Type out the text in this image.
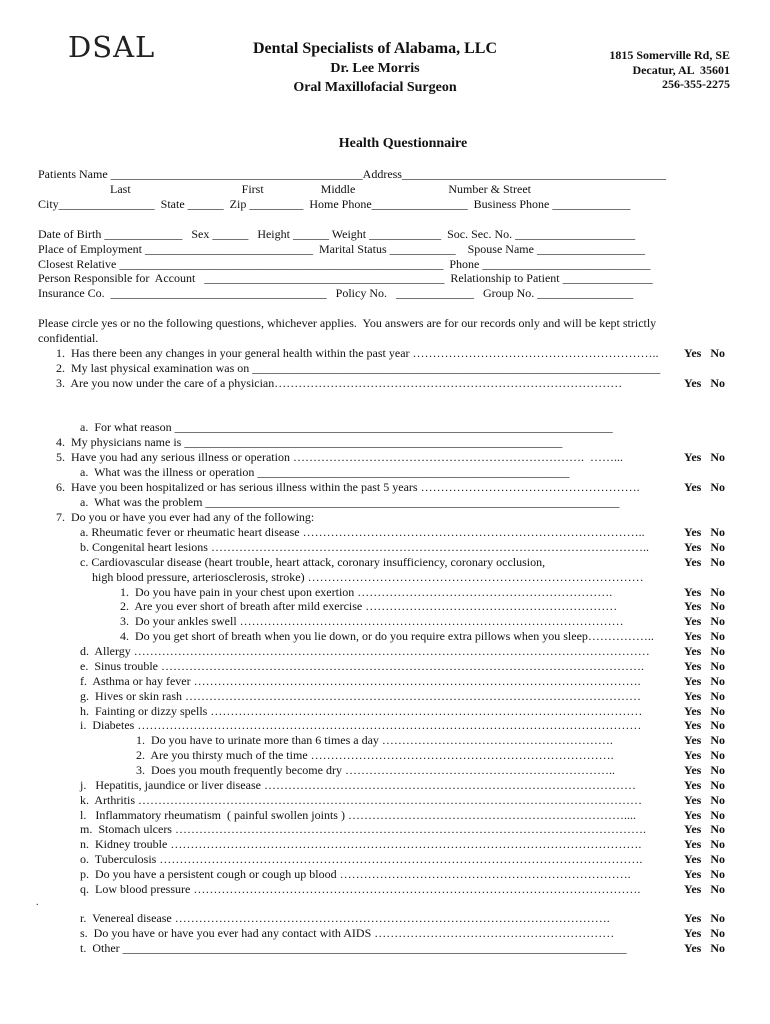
DSAL	Dental Specialists of Alabama, LLC
Dr. Lee Morris
Oral Maxillofacial Surgeon
1815 Somerville Rd, SE
Decatur, AL  35601
256-355-2275
Health Questionnaire
Patients Name __________________________________________Address____________________________________________
Last                                     First                   Middle                               Number & Street
City________________  State ______  Zip _________  Home Phone________________  Business Phone _____________
Date of Birth _____________   Sex ______   Height ______ Weight ____________  Soc. Sec. No. ____________________
Place of Employment ____________________________  Marital Status ___________    Spouse Name __________________
Closest Relative ______________________________________________________  Phone ____________________________
Person Responsible for  Account   ________________________________________  Relationship to Patient _______________
Insurance Co.  ____________________________________   Policy No.   _____________   Group No. ________________
Please circle yes or no the following questions, whichever applies.  You answers are for our records only and will be kept strictly
confidential.
1.  Has there been any changes in your general health within the past year …………………………………………………….. Yes No
2.  My last physical examination was on ____________________________________________________________________
3.  Are you now under the care of a physician……………………………………………………………………………	Yes No
a.  For what reason _________________________________________________________________________
4.  My physicians name is _______________________________________________________________
5.  Have you had any serious illness or operation ……………………………………………………………….  ……...	Yes No
a.  What was the illness or operation ____________________________________________________
6.  Have you been hospitalized or has serious illness within the past 5 years ……………………………………………….	Yes No
a.  What was the problem _____________________________________________________________________
7.  Do you or have you ever had any of the following:
a. Rheumatic fever or rheumatic heart disease …………………………………………………………………………..	Yes No
b. Congenital heart lesions ………………………………………………………………………………………………..	Yes No
c. Cardiovascular disease (heart trouble, heart attack, coronary insufficiency, coronary occlusion,	Yes No
high blood pressure, arteriosclerosis, stroke) …………………………………………………………………………
1.  Do you have pain in your chest upon exertion ……………………………………………………….	Yes No
2.  Are you ever short of breath after mild exercise ………………………………………………………	Yes No
3.  Do your ankles swell ……………………………………………………………………………………	Yes No
4.  Do you get short of breath when you lie down, or do you require extra pillows when you sleep……………..	Yes No
d.  Allergy …………………………………………………………………………………………………………………	Yes No
e.  Sinus trouble ………………………………………………………………………………………………………….	Yes No
f.  Asthma or hay fever ………………………………………………………………………………………………….	Yes No
g.  Hives or skin rash ……………………………………………………………………………………………………	Yes No
h.  Fainting or dizzy spells ………………………………………………………………………………………………	Yes No
i.  Diabetes ………………………………………………………………………………………………………………	Yes No
1.  Do you have to urinate more than 6 times a day ………………………………………………….	Yes No
2.  Are you thirsty much of the time ………………………………………………………………….	Yes No
3.  Does you mouth frequently become dry …………………………………………………………..	Yes No
j.   Hepatitis, jaundice or liver disease …………………………………………………………………………………	Yes No
k.  Arthritis ………………………………………………………………………………………………………………	Yes No
l.   Inflammatory rheumatism  ( painful swollen joints ) ……………………………………………………………....	Yes No
m.  Stomach ulcers ……………………………………………………………………………………………………….	Yes No
n.  Kidney trouble ……………………………………………………………………………………………………….	Yes No
o.  Tuberculosis ………………………………………………………………………………………………………….	Yes No
p.  Do you have a persistent cough or cough up blood ……………………………………………………………….	Yes No
q.  Low blood pressure ………………………………………………………………………………………………….	Yes No
.
r.  Venereal disease ……………………………………………………………………………………………….	Yes No
s.  Do you have or have you ever had any contact with AIDS ……………………………………………………	Yes No
t.  Other ____________________________________________________________________________________	Yes No
